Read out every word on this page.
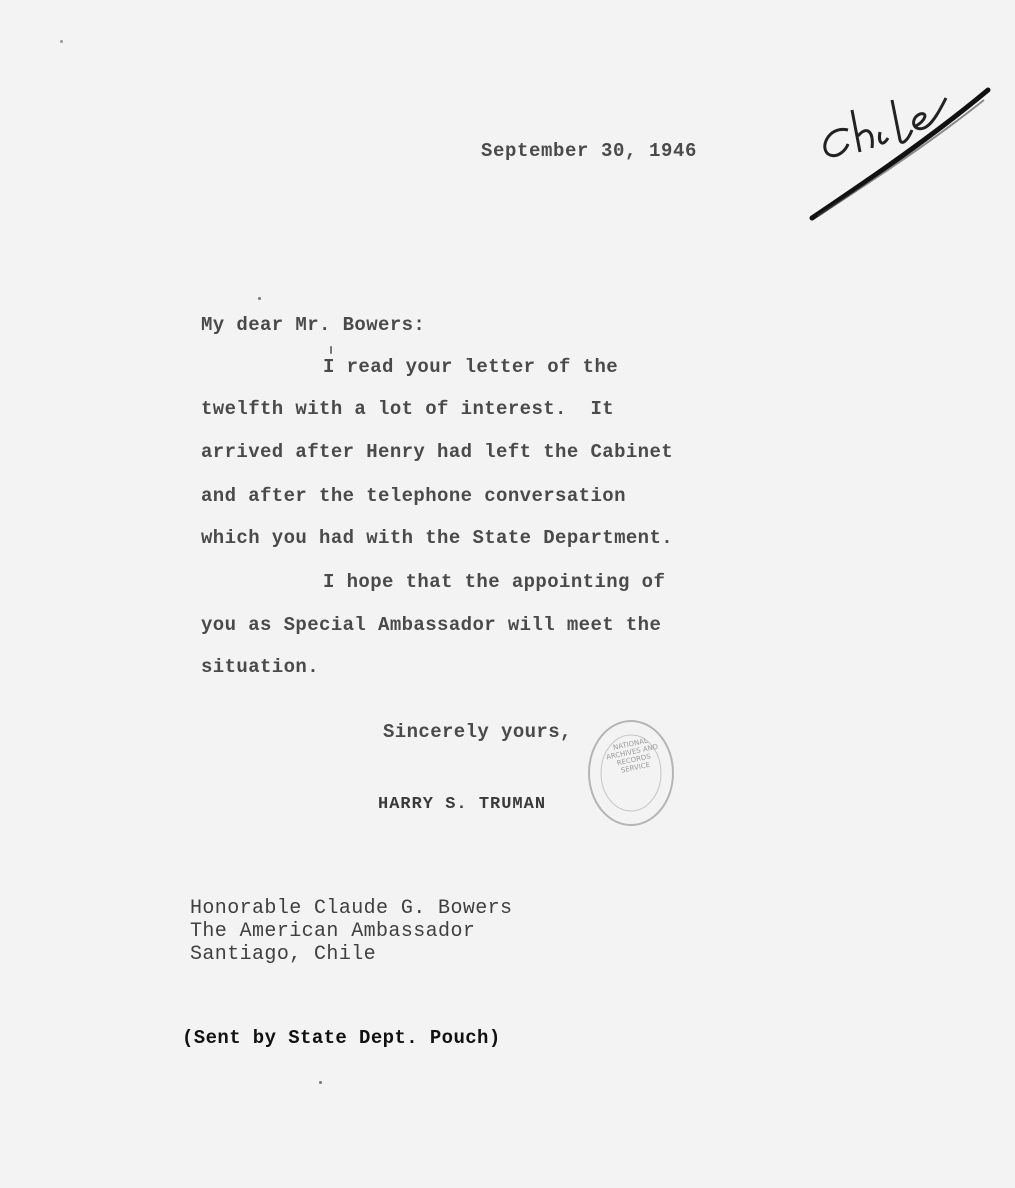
September 30, 1946
My dear Mr. Bowers:
I read your letter of the
twelfth with a lot of interest.  It
arrived after Henry had left the Cabinet
and after the telephone conversation
which you had with the State Department.
I hope that the appointing of
you as Special Ambassador will meet the
situation.
Sincerely yours,
HARRY S. TRUMAN
NATIONAL ARCHIVES AND RECORDS SERVICE
Honorable Claude G. Bowers
The American Ambassador
Santiago, Chile
(Sent by State Dept. Pouch)
